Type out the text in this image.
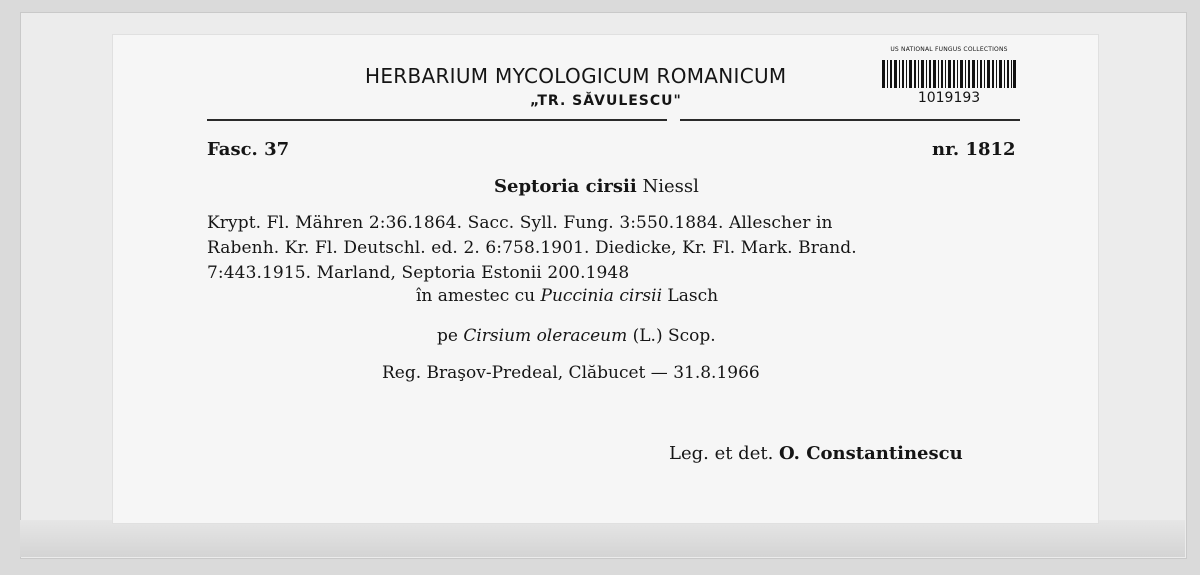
HERBARIUM MYCOLOGICUM ROMANICUM

„TR. SĂVULESCU"

US NATIONAL FUNGUS COLLECTIONS
1019193

Fasc. 37	nr. 1812

Septoria cirsii Niessl

Krypt. Fl. Mähren 2:36.1864. Sacc. Syll. Fung. 3:550.1884. Allescher in

Rabenh. Kr. Fl. Deutschl. ed. 2. 6:758.1901. Diedicke, Kr. Fl. Mark. Brand.

7:443.1915. Marland, Septoria Estonii 200.1948

în amestec cu Puccinia cirsii Lasch

pe Cirsium oleraceum (L.) Scop.

Reg. Braşov-Predeal, Clăbucet — 31.8.1966

Leg. et det. O. Constantinescu
